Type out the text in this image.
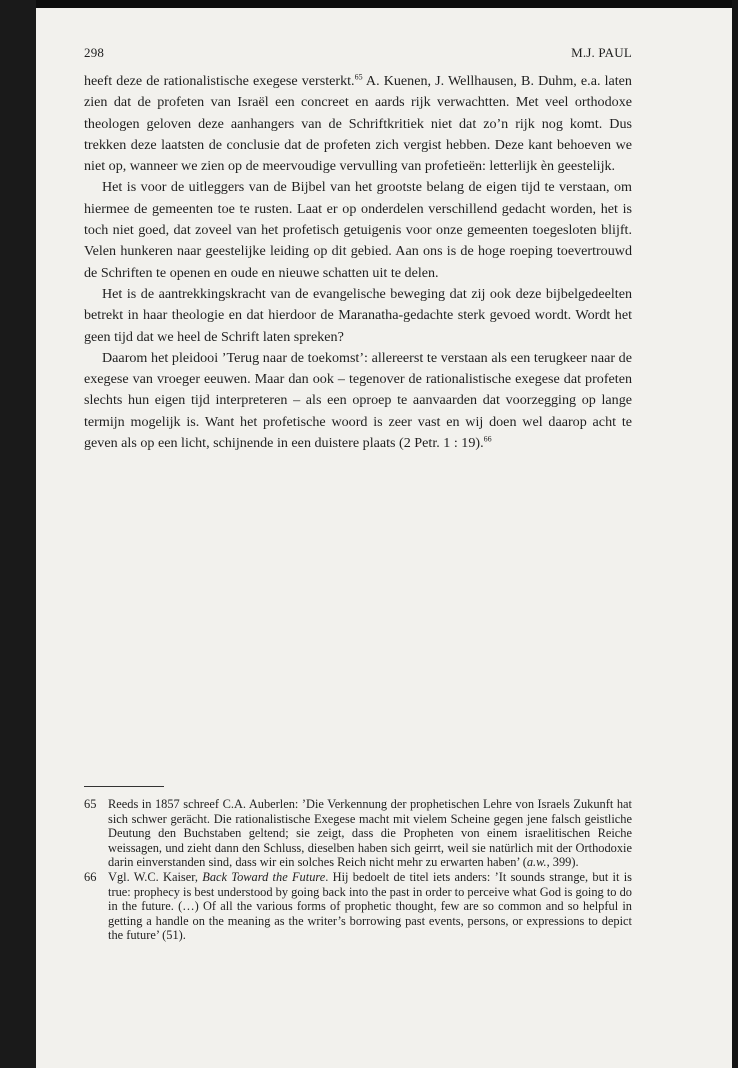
298	M.J. PAUL

heeft deze de rationalistische exegese versterkt.$^{65}$ A. Kuenen, J. Wellhausen, B. Duhm, e.a. laten zien dat de profeten van Israël een concreet en aards rijk verwachtten. Met veel orthodoxe theologen geloven deze aanhangers van de Schriftkritiek niet dat zo’n rijk nog komt. Dus trekken deze laatsten de conclusie dat de profeten zich vergist hebben. Deze kant behoeven we niet op, wanneer we zien op de meervoudige vervulling van profetieën: letterlijk èn geestelijk.

Het is voor de uitleggers van de Bijbel van het grootste belang de eigen tijd te verstaan, om hiermee de gemeenten toe te rusten. Laat er op onderdelen verschillend gedacht worden, het is toch niet goed, dat zoveel van het profetisch getuigenis voor onze gemeenten toegesloten blijft. Velen hunkeren naar geestelijke leiding op dit gebied. Aan ons is de hoge roeping toevertrouwd de Schriften te openen en oude en nieuwe schatten uit te delen.

Het is de aantrekkingskracht van de evangelische beweging dat zij ook deze bijbelgedeelten betrekt in haar theologie en dat hierdoor de Maranatha-gedachte sterk gevoed wordt. Wordt het geen tijd dat we heel de Schrift laten spreken?

Daarom het pleidooi ’Terug naar de toekomst’: allereerst te verstaan als een terugkeer naar de exegese van vroeger eeuwen. Maar dan ook – tegenover de rationalistische exegese dat profeten slechts hun eigen tijd interpreteren – als een oproep te aanvaarden dat voorzegging op lange termijn mogelijk is. Want het profetische woord is zeer vast en wij doen wel daarop acht te geven als op een licht, schijnende in een duistere plaats (2 Petr. 1 : 19).$^{66}$

65 Reeds in 1857 schreef C.A. Auberlen: ’Die Verkennung der prophetischen Lehre von Israels Zukunft hat sich schwer gerächt. Die rationalistische Exegese macht mit vielem Scheine gegen jene falsch geistliche Deutung den Buchstaben geltend; sie zeigt, dass die Propheten von einem israelitischen Reiche weissagen, und zieht dann den Schluss, dieselben haben sich geirrt, weil sie natürlich mit der Orthodoxie darin einverstanden sind, dass wir ein solches Reich nicht mehr zu erwarten haben’ (a.w., 399).
66 Vgl. W.C. Kaiser, Back Toward the Future. Hij bedoelt de titel iets anders: ’It sounds strange, but it is true: prophecy is best understood by going back into the past in order to perceive what God is going to do in the future. (…) Of all the various forms of prophetic thought, few are so common and so helpful in getting a handle on the meaning as the writer’s borrowing past events, persons, or expressions to depict the future’ (51).
